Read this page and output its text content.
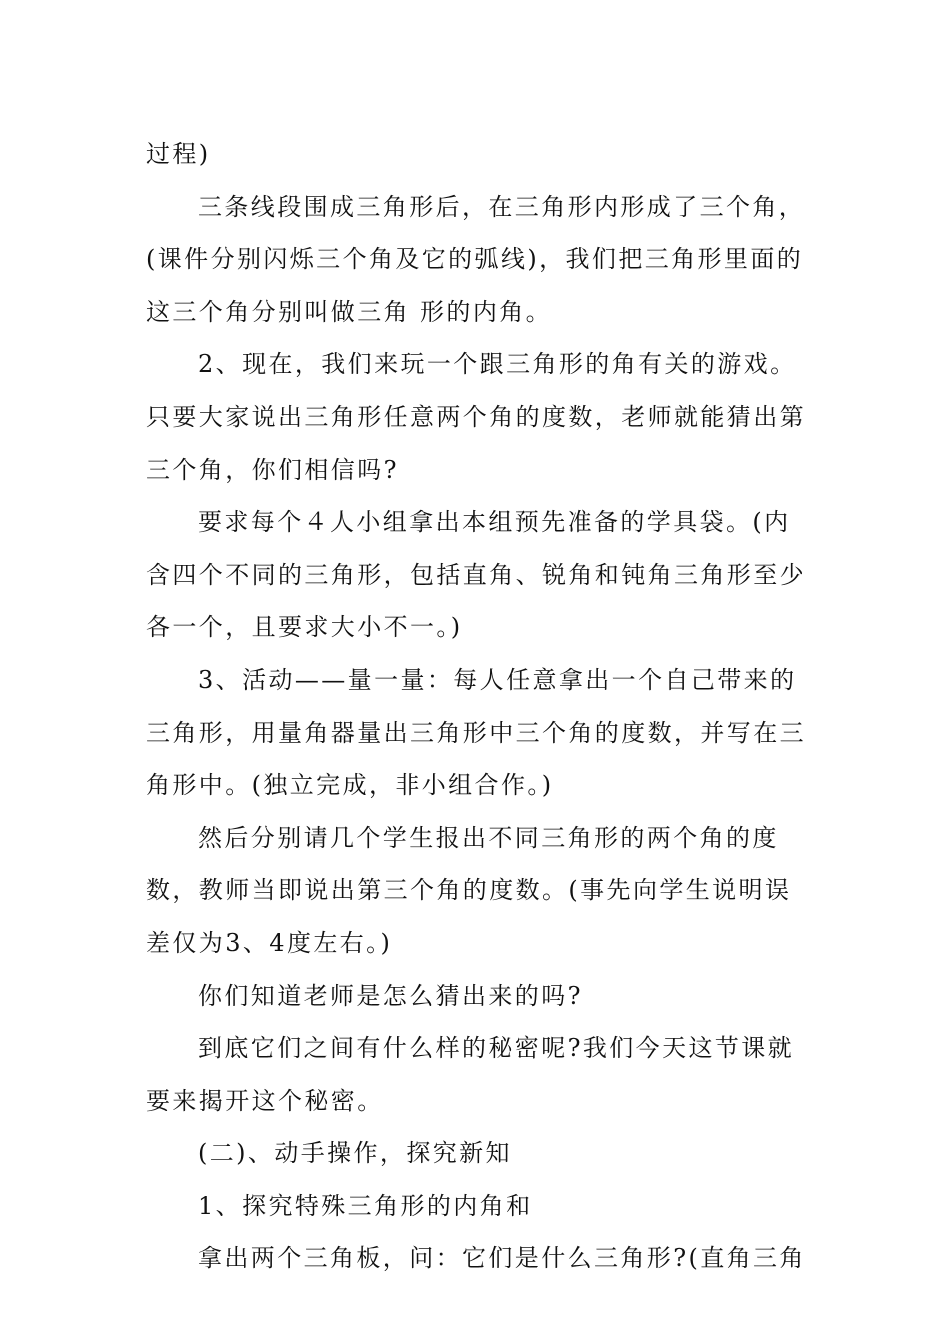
过程)

三条线段围成三角形后，在三角形内形成了三个角，(课件分别闪烁三个角及它的弧线)，我们把三角形里面的这三个角分别叫做三角 形的内角。

2、现在，我们来玩一个跟三角形的角有关的游戏。只要大家说出三角形任意两个角的度数，老师就能猜出第三个角，你们相信吗?

要求每个４人小组拿出本组预先准备的学具袋。(内含四个不同的三角形，包括直角、锐角和钝角三角形至少各一个，且要求大小不一。)

3、活动——量一量：每人任意拿出一个自己带来的三角形，用量角器量出三角形中三个角的度数，并写在三角形中。(独立完成，非小组合作。)

然后分别请几个学生报出不同三角形的两个角的度数，教师当即说出第三个角的度数。(事先向学生说明误差仅为3、4度左右。)

你们知道老师是怎么猜出来的吗?

到底它们之间有什么样的秘密呢?我们今天这节课就要来揭开这个秘密。

(二)、动手操作，探究新知

1、探究特殊三角形的内角和

拿出两个三角板，问：它们是什么三角形?(直角三角
